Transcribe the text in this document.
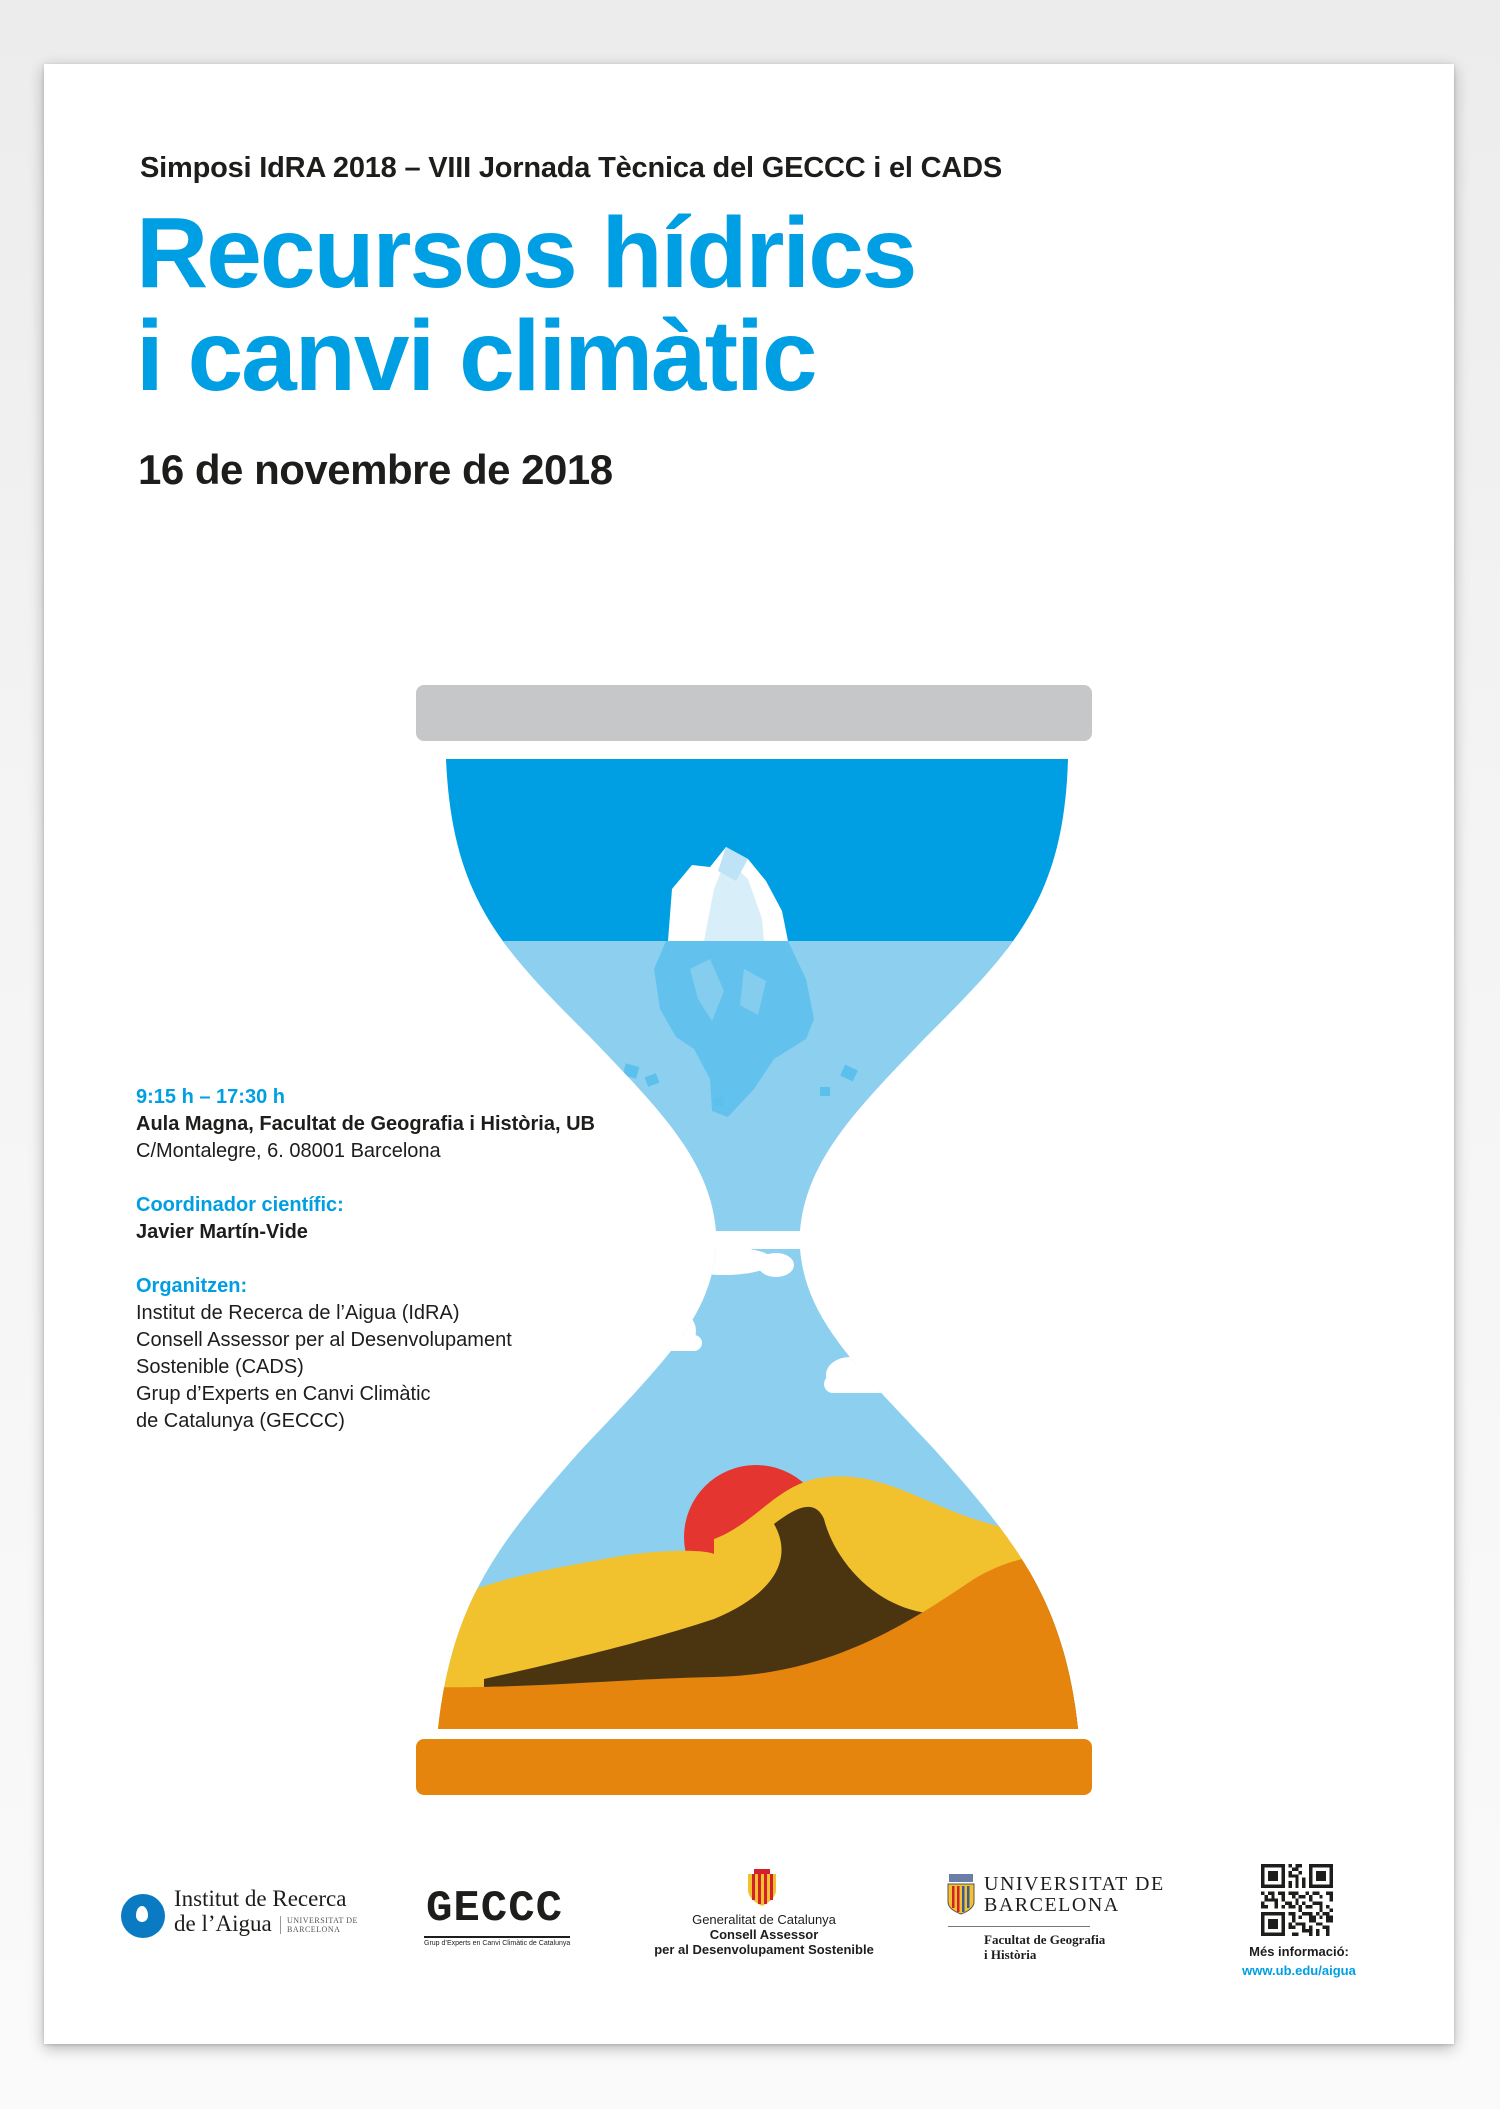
Simposi IdRA 2018 – VIII Jornada Tècnica del GECCC i el CADS
Recursos hídrics
i canvi climàtic
16 de novembre de 2018
9:15 h – 17:30 h
Aula Magna, Facultat de Geografia i Història, UB
C/Montalegre, 6. 08001 Barcelona
Coordinador científic:
Javier Martín-Vide
Organitzen:
Institut de Recerca de l’Aigua (IdRA)
Consell Assessor per al Desenvolupament
Sostenible (CADS)
Grup d’Experts en Canvi Climàtic
de Catalunya (GECCC)
Institut de Recerca
de l’Aigua	UNIVERSITAT DE
BARCELONA	GECCC
Grup d’Experts en Canvi Climàtic de Catalunya
Generalitat de Catalunya
Consell Assessor
per al Desenvolupament Sostenible
UNIVERSITAT DE
BARCELONA
Facultat de Geografia
i Història	Més informació:
www.ub.edu/aigua
